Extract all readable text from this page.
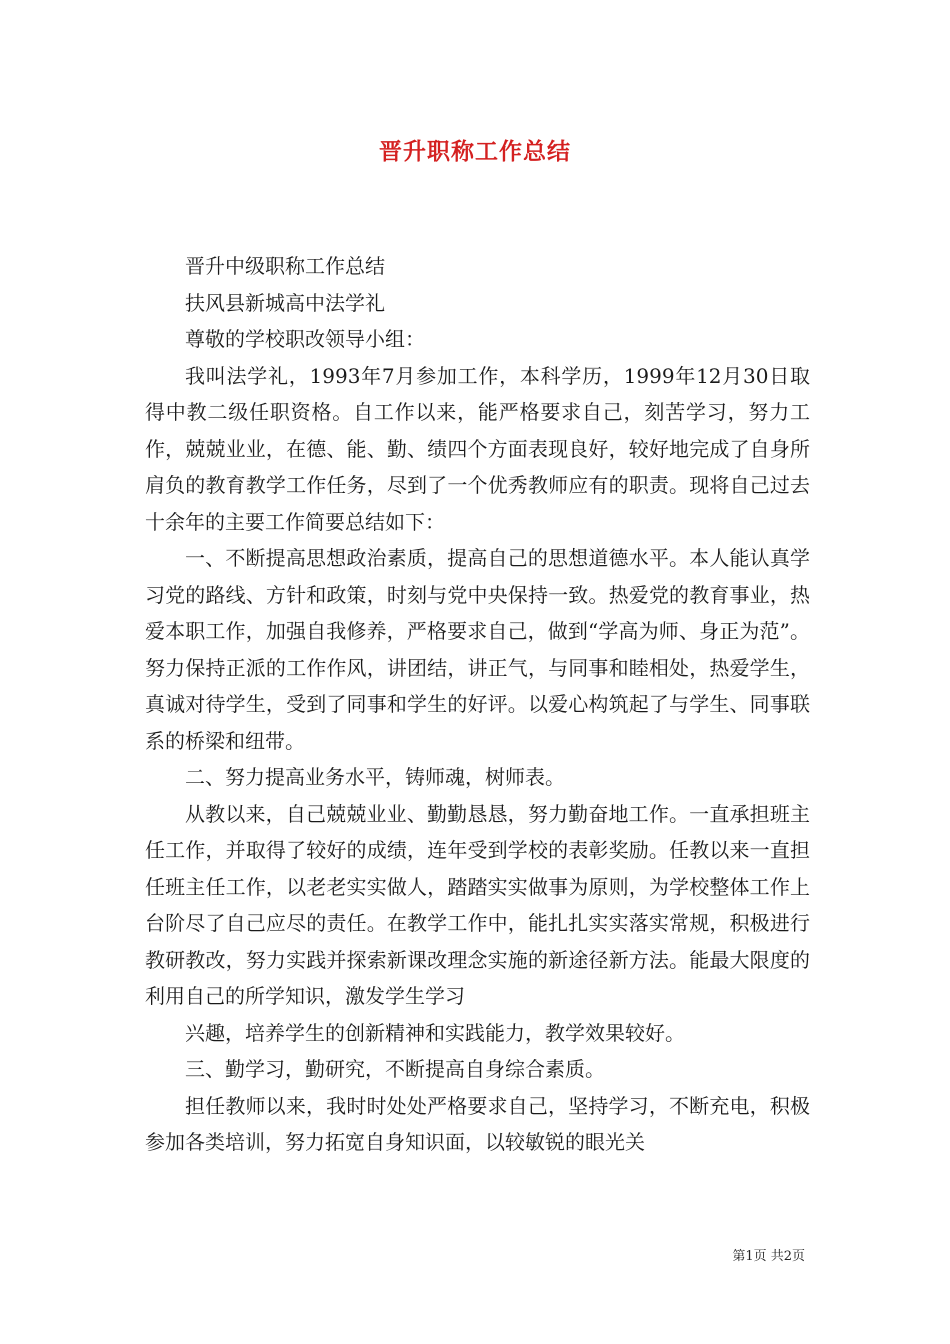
晋升职称工作总结

晋升中级职称工作总结

扶风县新城高中法学礼

尊敬的学校职改领导小组：

我叫法学礼，1993年7月参加工作，本科学历，1999年12月30日取得中教二级任职资格。自工作以来，能严格要求自己，刻苦学习，努力工作，兢兢业业，在德、能、勤、绩四个方面表现良好，较好地完成了自身所肩负的教育教学工作任务，尽到了一个优秀教师应有的职责。现将自己过去十余年的主要工作简要总结如下：

一、不断提高思想政治素质，提高自己的思想道德水平。本人能认真学习党的路线、方针和政策，时刻与党中央保持一致。热爱党的教育事业，热爱本职工作，加强自我修养，严格要求自己，做到“学高为师、身正为范”。努力保持正派的工作作风，讲团结，讲正气，与同事和睦相处，热爱学生，真诚对待学生，受到了同事和学生的好评。以爱心构筑起了与学生、同事联系的桥梁和纽带。

二、努力提高业务水平，铸师魂，树师表。

从教以来，自己兢兢业业、勤勤恳恳，努力勤奋地工作。一直承担班主任工作，并取得了较好的成绩，连年受到学校的表彰奖励。任教以来一直担任班主任工作，以老老实实做人，踏踏实实做事为原则，为学校整体工作上台阶尽了自己应尽的责任。在教学工作中，能扎扎实实落实常规，积极进行教研教改，努力实践并探索新课改理念实施的新途径新方法。能最大限度的利用自己的所学知识，激发学生学习

兴趣，培养学生的创新精神和实践能力，教学效果较好。

三、勤学习，勤研究，不断提高自身综合素质。

担任教师以来，我时时处处严格要求自己，坚持学习，不断充电，积极参加各类培训，努力拓宽自身知识面，以较敏锐的眼光关

第1页 共2页
